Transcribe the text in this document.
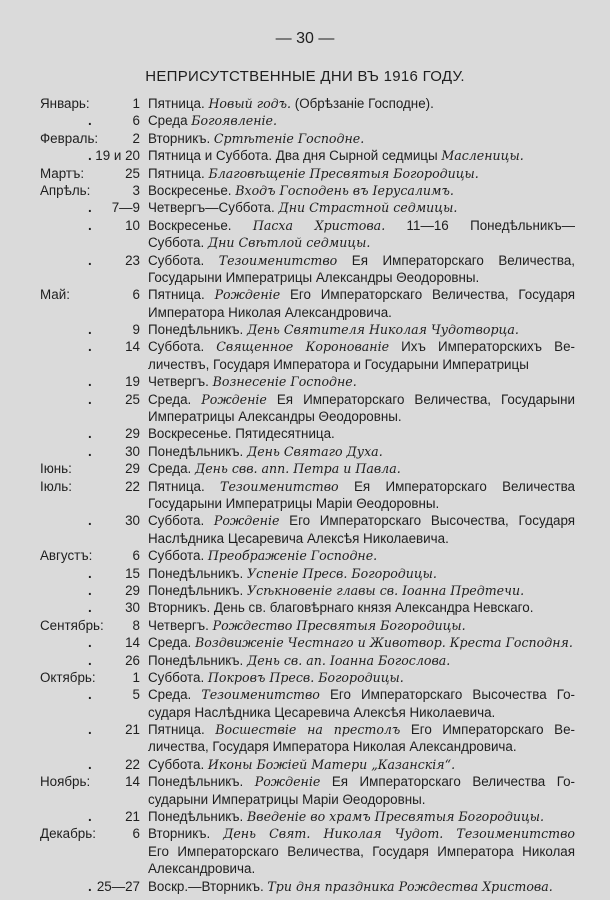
— 30 —
НЕПРИСУТСТВЕННЫЕ ДНИ ВЪ 1916 ГОДУ.
Январь:	1 Пятница. Новый годъ. (Обрѣзаніе Господне).
.	6 Среда Богоявленіе.
Февраль:	2 Вторникъ. Сртѣтеніе Господне.
. 19 и 20 Пятница и Суббота. Два дня Сырной седмицы Масленицы.
Мартъ:	25 Пятница. Благовѣщеніе Пресвятыя Богородицы.
Апрѣль:	3 Воскресенье. Входъ Господень въ Іерусалимъ.
. 7—9 Четвергъ—Суббота. Дни Страстной седмицы.
. 10 Воскресенье. Пасха Христова. 11—16 Понедѣльникъ—
Суббота. Дни Свѣтлой седмицы.
. 23 Суббота. Тезоименитство Ея Императорскаго Величества,
Государыни Императрицы Александры Θеодоровны.
Май:	6 Пятница. Рожденіе Его Императорскаго Величества, Государя
Императора Николая Александровича.
.	9 Понедѣльникъ. День Святителя Николая Чудотворца.
. 14 Суббота. Священное Коронованіе Ихъ Императорскихъ Ве-
личествъ, Государя Императора и Государыни Императрицы
. 19 Четвергъ. Вознесеніе Господне.
. 25 Среда. Рожденіе Ея Императорскаго Величества, Государыни
Императрицы Александры Θеодоровны.
. 29 Воскресенье. Пятидесятница.
. 30 Понедѣльникъ. День Святаго Духа.
Іюнь:	29 Среда. День свв. апп. Петра и Павла.
Іюль:	22 Пятница. Тезоименитство Ея Императорскаго Величества
Государыни Императрицы Маріи Θеодоровны.
. 30 Суббота. Рожденіе Его Императорскаго Высочества, Государя
Наслѣдника Цесаревича Алексѣя Николаевича.
Августъ:	6 Суббота. Преображеніе Господне.
. 15 Понедѣльникъ. Успеніе Пресв. Богородицы.
. 29 Понедѣльникъ. Усѣкновеніе главы св. Іоанна Предтечи.
. 30 Вторникъ. День св. благовѣрнаго князя Александра Невскаго.
Сентябрь:	8 Четвергъ. Рождество Пресвятыя Богородицы.
. 14 Среда. Воздвиженіе Честнаго и Животвор. Креста Господня.
. 26 Понедѣльникъ. День св. ап. Іоанна Богослова.
Октябрь:	1 Суббота. Покровъ Пресв. Богородицы.
.	5 Среда. Тезоименитство Его Императорскаго Высочества Го-
сударя Наслѣдника Цесаревича Алексѣя Николаевича.
. 21 Пятница. Восшествіе на престолъ Его Императорскаго Ве-
личества, Государя Императора Николая Александровича.
. 22 Суббота. Иконы Божіей Матери „Казанскія“.
Ноябрь:	14 Понедѣльникъ. Рожденіе Ея Императорскаго Величества Го-
сударыни Императрицы Маріи Θеодоровны.
. 21 Понедѣльникъ. Введеніе во храмъ Пресвятыя Богородицы.
Декабрь:	6 Вторникъ. День Свят. Николая Чудот. Тезоименитство
Его Императорскаго Величества, Государя Императора Николая
Александровича.
. 25—27 Воскр.—Вторникъ. Три дня праздника Рождества Христова.
